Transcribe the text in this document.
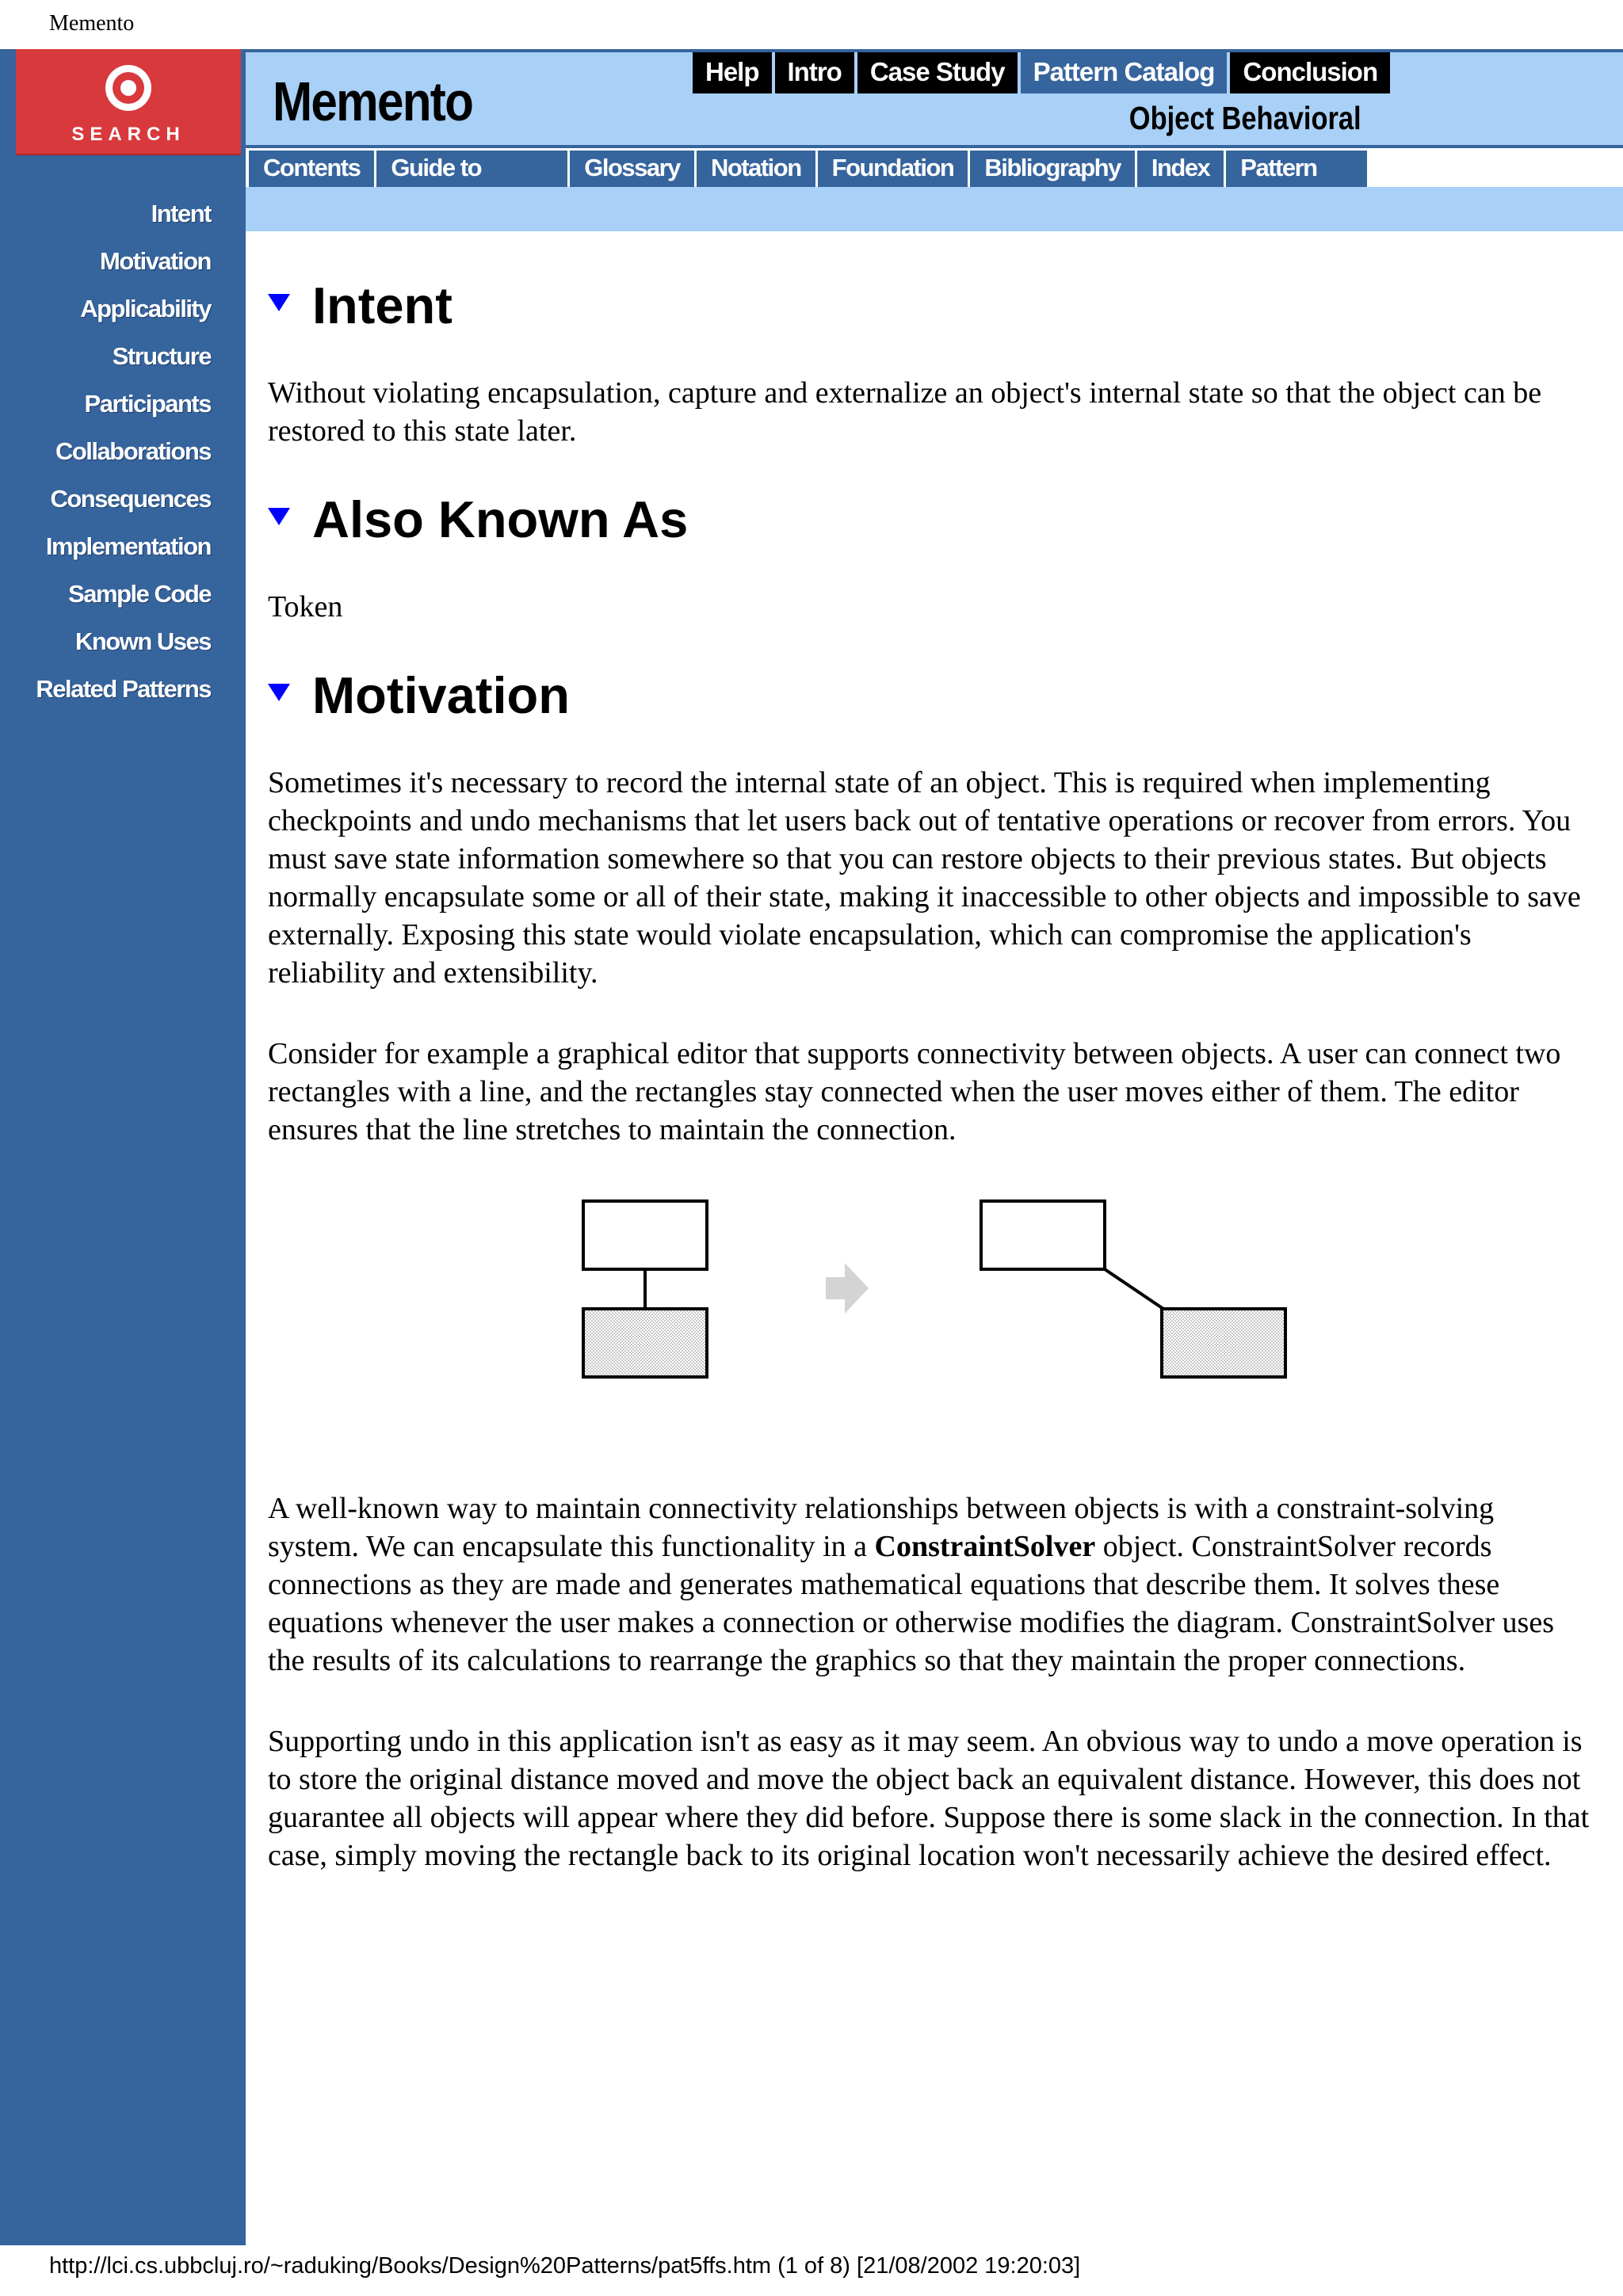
Memento
SEARCH
Intent
Motivation
Applicability
Structure
Participants
Collaborations
Consequences
Implementation
Sample Code
Known Uses
Related Patterns
Memento	Object Behavioral
Help	Intro	Case Study	Pattern Catalog	Conclusion
Contents	Guide to	Glossary	Notation	Foundation	Bibliography	Index	Pattern
Intent

Without violating encapsulation, capture and externalize an object's internal state so that the object can be restored to this state later.

Also Known As

Token

Motivation

Sometimes it's necessary to record the internal state of an object. This is required when implementing checkpoints and undo mechanisms that let users back out of tentative operations or recover from errors. You must save state information somewhere so that you can restore objects to their previous states. But objects normally encapsulate some or all of their state, making it inaccessible to other objects and impossible to save externally. Exposing this state would violate encapsulation, which can compromise the application's reliability and extensibility.

Consider for example a graphical editor that supports connectivity between objects. A user can connect two rectangles with a line, and the rectangles stay connected when the user moves either of them. The editor ensures that the line stretches to maintain the connection.

A well-known way to maintain connectivity relationships between objects is with a constraint-solving system. We can encapsulate this functionality in a ConstraintSolver object. ConstraintSolver records connections as they are made and generates mathematical equations that describe them. It solves these equations whenever the user makes a connection or otherwise modifies the diagram. ConstraintSolver uses the results of its calculations to rearrange the graphics so that they maintain the proper connections.

Supporting undo in this application isn't as easy as it may seem. An obvious way to undo a move operation is to store the original distance moved and move the object back an equivalent distance. However, this does not guarantee all objects will appear where they did before. Suppose there is some slack in the connection. In that case, simply moving the rectangle back to its original location won't necessarily achieve the desired effect.

http://lci.cs.ubbcluj.ro/~raduking/Books/Design%20Patterns/pat5ffs.htm (1 of 8) [21/08/2002 19:20:03]
